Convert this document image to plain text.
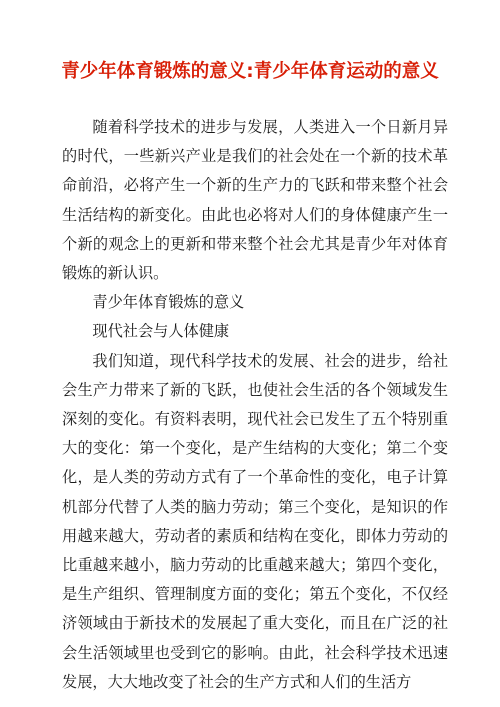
青少年体育锻炼的意义:青少年体育运动的意义

随着科学技术的进步与发展，人类进入一个日新月异的时代，一些新兴产业是我们的社会处在一个新的技术革命前沿，必将产生一个新的生产力的飞跃和带来整个社会生活结构的新变化。由此也必将对人们的身体健康产生一个新的观念上的更新和带来整个社会尤其是青少年对体育锻炼的新认识。

青少年体育锻炼的意义

现代社会与人体健康

我们知道，现代科学技术的发展、社会的进步，给社会生产力带来了新的飞跃，也使社会生活的各个领域发生深刻的变化。有资料表明，现代社会已发生了五个特别重大的变化：第一个变化，是产生结构的大变化；第二个变化，是人类的劳动方式有了一个革命性的变化，电子计算机部分代替了人类的脑力劳动；第三个变化，是知识的作用越来越大，劳动者的素质和结构在变化，即体力劳动的比重越来越小，脑力劳动的比重越来越大；第四个变化，是生产组织、管理制度方面的变化；第五个变化，不仅经济领域由于新技术的发展起了重大变化，而且在广泛的社会生活领域里也受到它的影响。由此，社会科学技术迅速发展，大大地改变了社会的生产方式和人们的生活方
